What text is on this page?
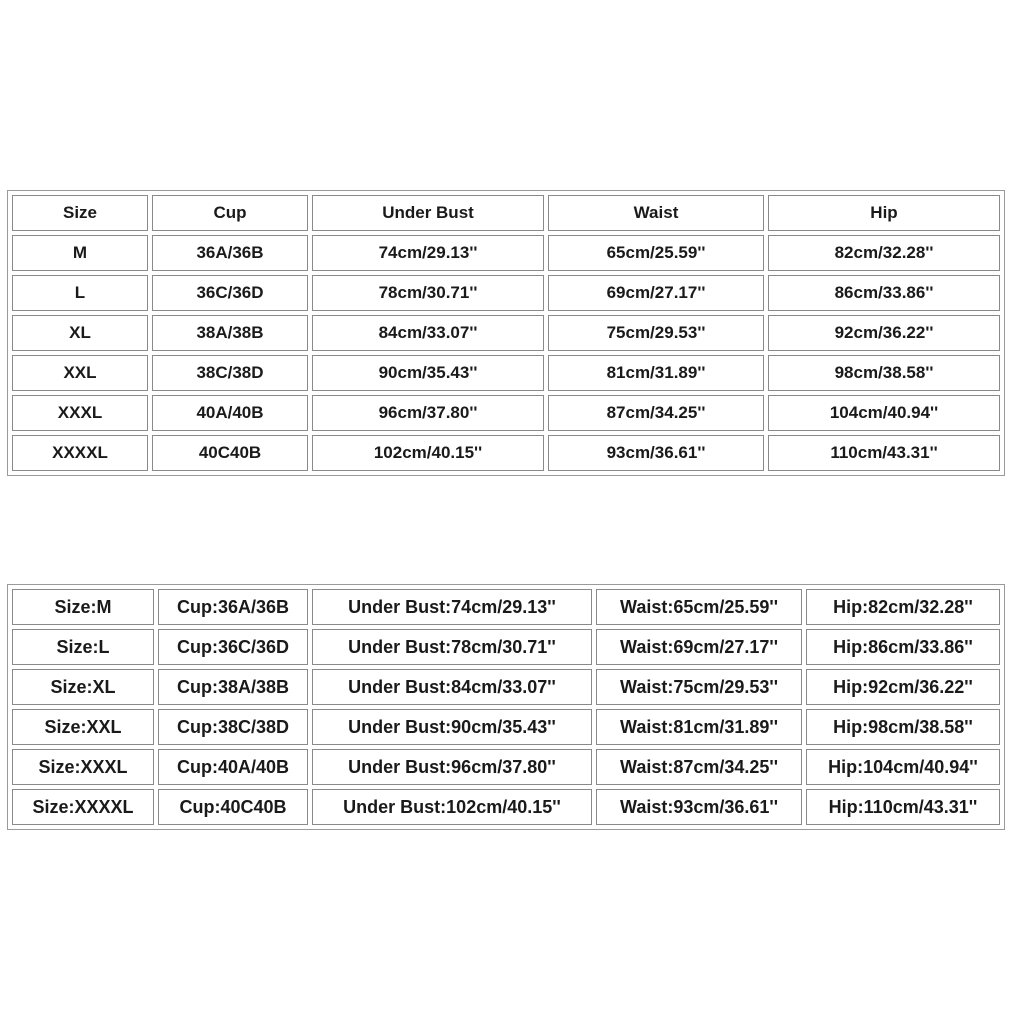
Size	Cup	Under Bust	Waist	Hip
M	36A/36B	74cm/29.13''	65cm/25.59''	82cm/32.28''
L	36C/36D	78cm/30.71''	69cm/27.17''	86cm/33.86''
XL	38A/38B	84cm/33.07''	75cm/29.53''	92cm/36.22''
XXL	38C/38D	90cm/35.43''	81cm/31.89''	98cm/38.58''
XXXL	40A/40B	96cm/37.80''	87cm/34.25''	104cm/40.94''
XXXXL	40C40B	102cm/40.15''	93cm/36.61''	110cm/43.31''
Size:M	Cup:36A/36B	Under Bust:74cm/29.13''	Waist:65cm/25.59''	Hip:82cm/32.28''
Size:L	Cup:36C/36D	Under Bust:78cm/30.71''	Waist:69cm/27.17''	Hip:86cm/33.86''
Size:XL	Cup:38A/38B	Under Bust:84cm/33.07''	Waist:75cm/29.53''	Hip:92cm/36.22''
Size:XXL	Cup:38C/38D	Under Bust:90cm/35.43''	Waist:81cm/31.89''	Hip:98cm/38.58''
Size:XXXL	Cup:40A/40B	Under Bust:96cm/37.80''	Waist:87cm/34.25''	Hip:104cm/40.94''
Size:XXXXL	Cup:40C40B	Under Bust:102cm/40.15''	Waist:93cm/36.61''	Hip:110cm/43.31''
